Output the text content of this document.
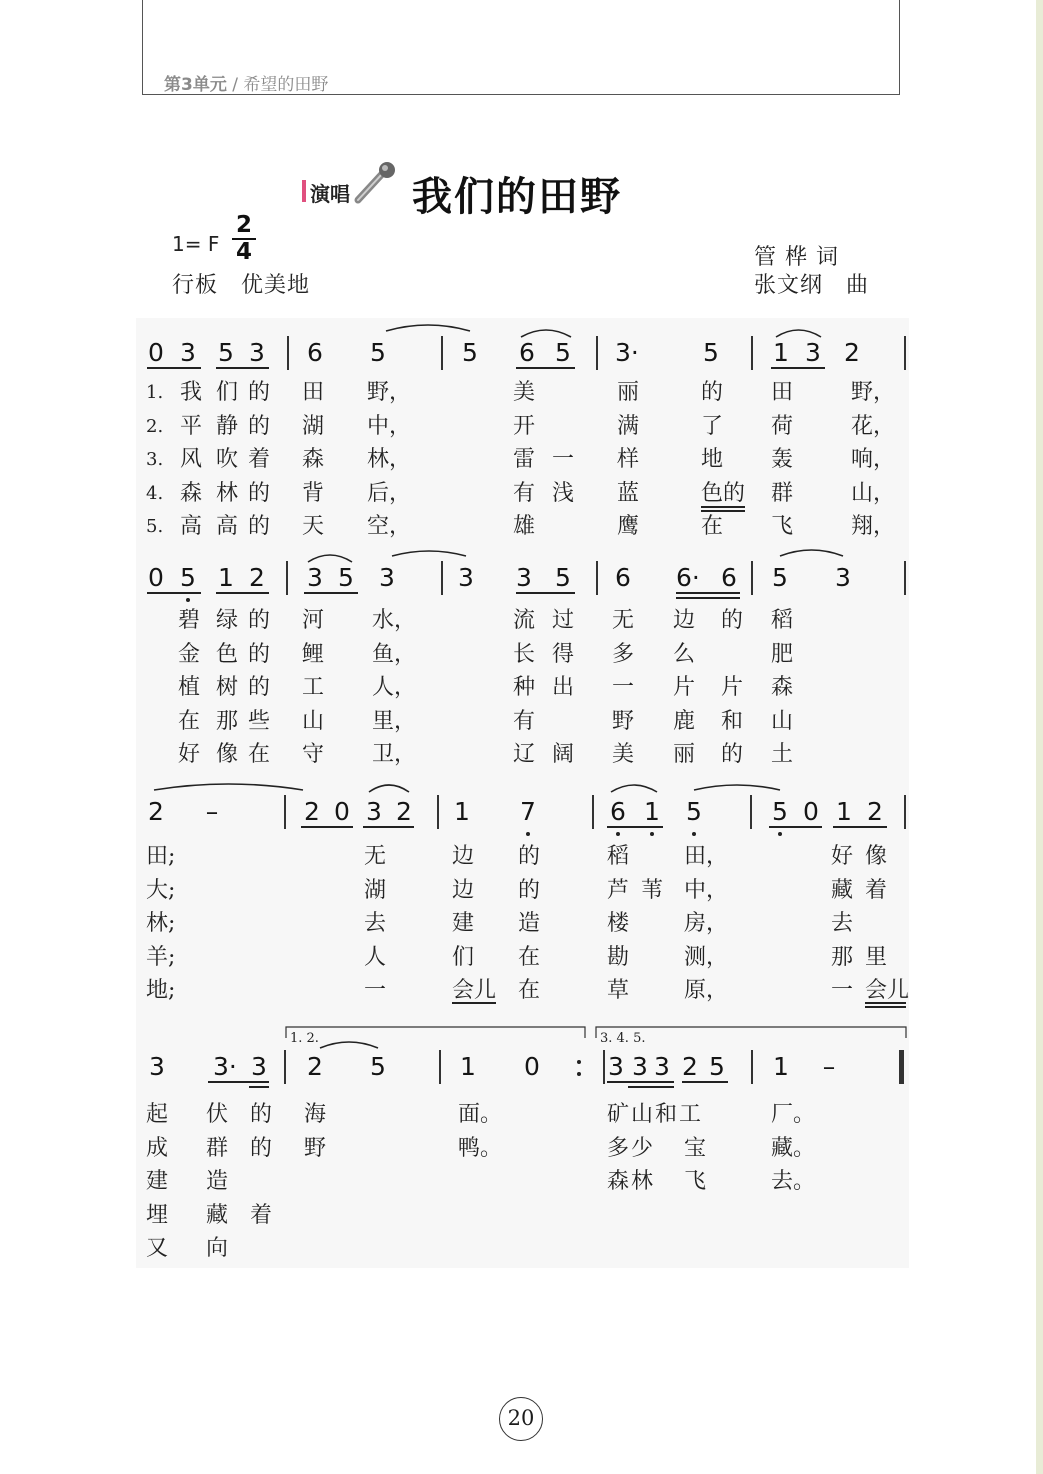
第3单元 / 希望的田野
演唱 我们的田野
1= F
2
4
行板　优美地
管桦词
张文纲　曲
0 3 5 3 6 5	5 6 5 3·	5 1 3 2
0 5 1 2 3 5 3	3 3 5 6 6· 6 5 3
2 –	2 0 3 2 1 7	6 1 5	5 0 1 2
3 3· 3 2 5	1 0	3 3 3 2 5 1 –
1. 2.	3. 4. 5.
1. 我 们 的 田 野，	美	丽	的 田	野，
2. 平 静 的 湖 中，	开	满	了 荷	花，
3. 风 吹 着 森 林，	雷 一 样	地 轰	响，
4. 森 林 的 背 后，	有 浅 蓝	色的 群	山，
5. 高 高 的 天 空，	雄	鹰	在 飞	翔，
碧 绿 的 河 水，	流 过 无 边 的 稻
金 色 的 鲤 鱼，	长 得 多 么	肥
植 树 的 工 人，	种 出 一 片 片 森
在 那 些 山 里，	有	野 鹿 和 山
好 像 在 守 卫，	辽 阔 美 丽 的 土
田;	无	边 的	稻 田，	好 像
大;	湖	边 的	芦 苇 中，	藏 着
林;	去	建 造	楼 房，	去
羊;	人	们 在	勘 测，	那 里
地;	一	会儿 在	草 原，	一 会儿
起 伏 的 海	面。	矿 山 和 工	厂。
成 群 的 野	鸭。	多 少 宝	藏。
建 造	森 林 飞	去。
埋 藏 着
又 向
20
